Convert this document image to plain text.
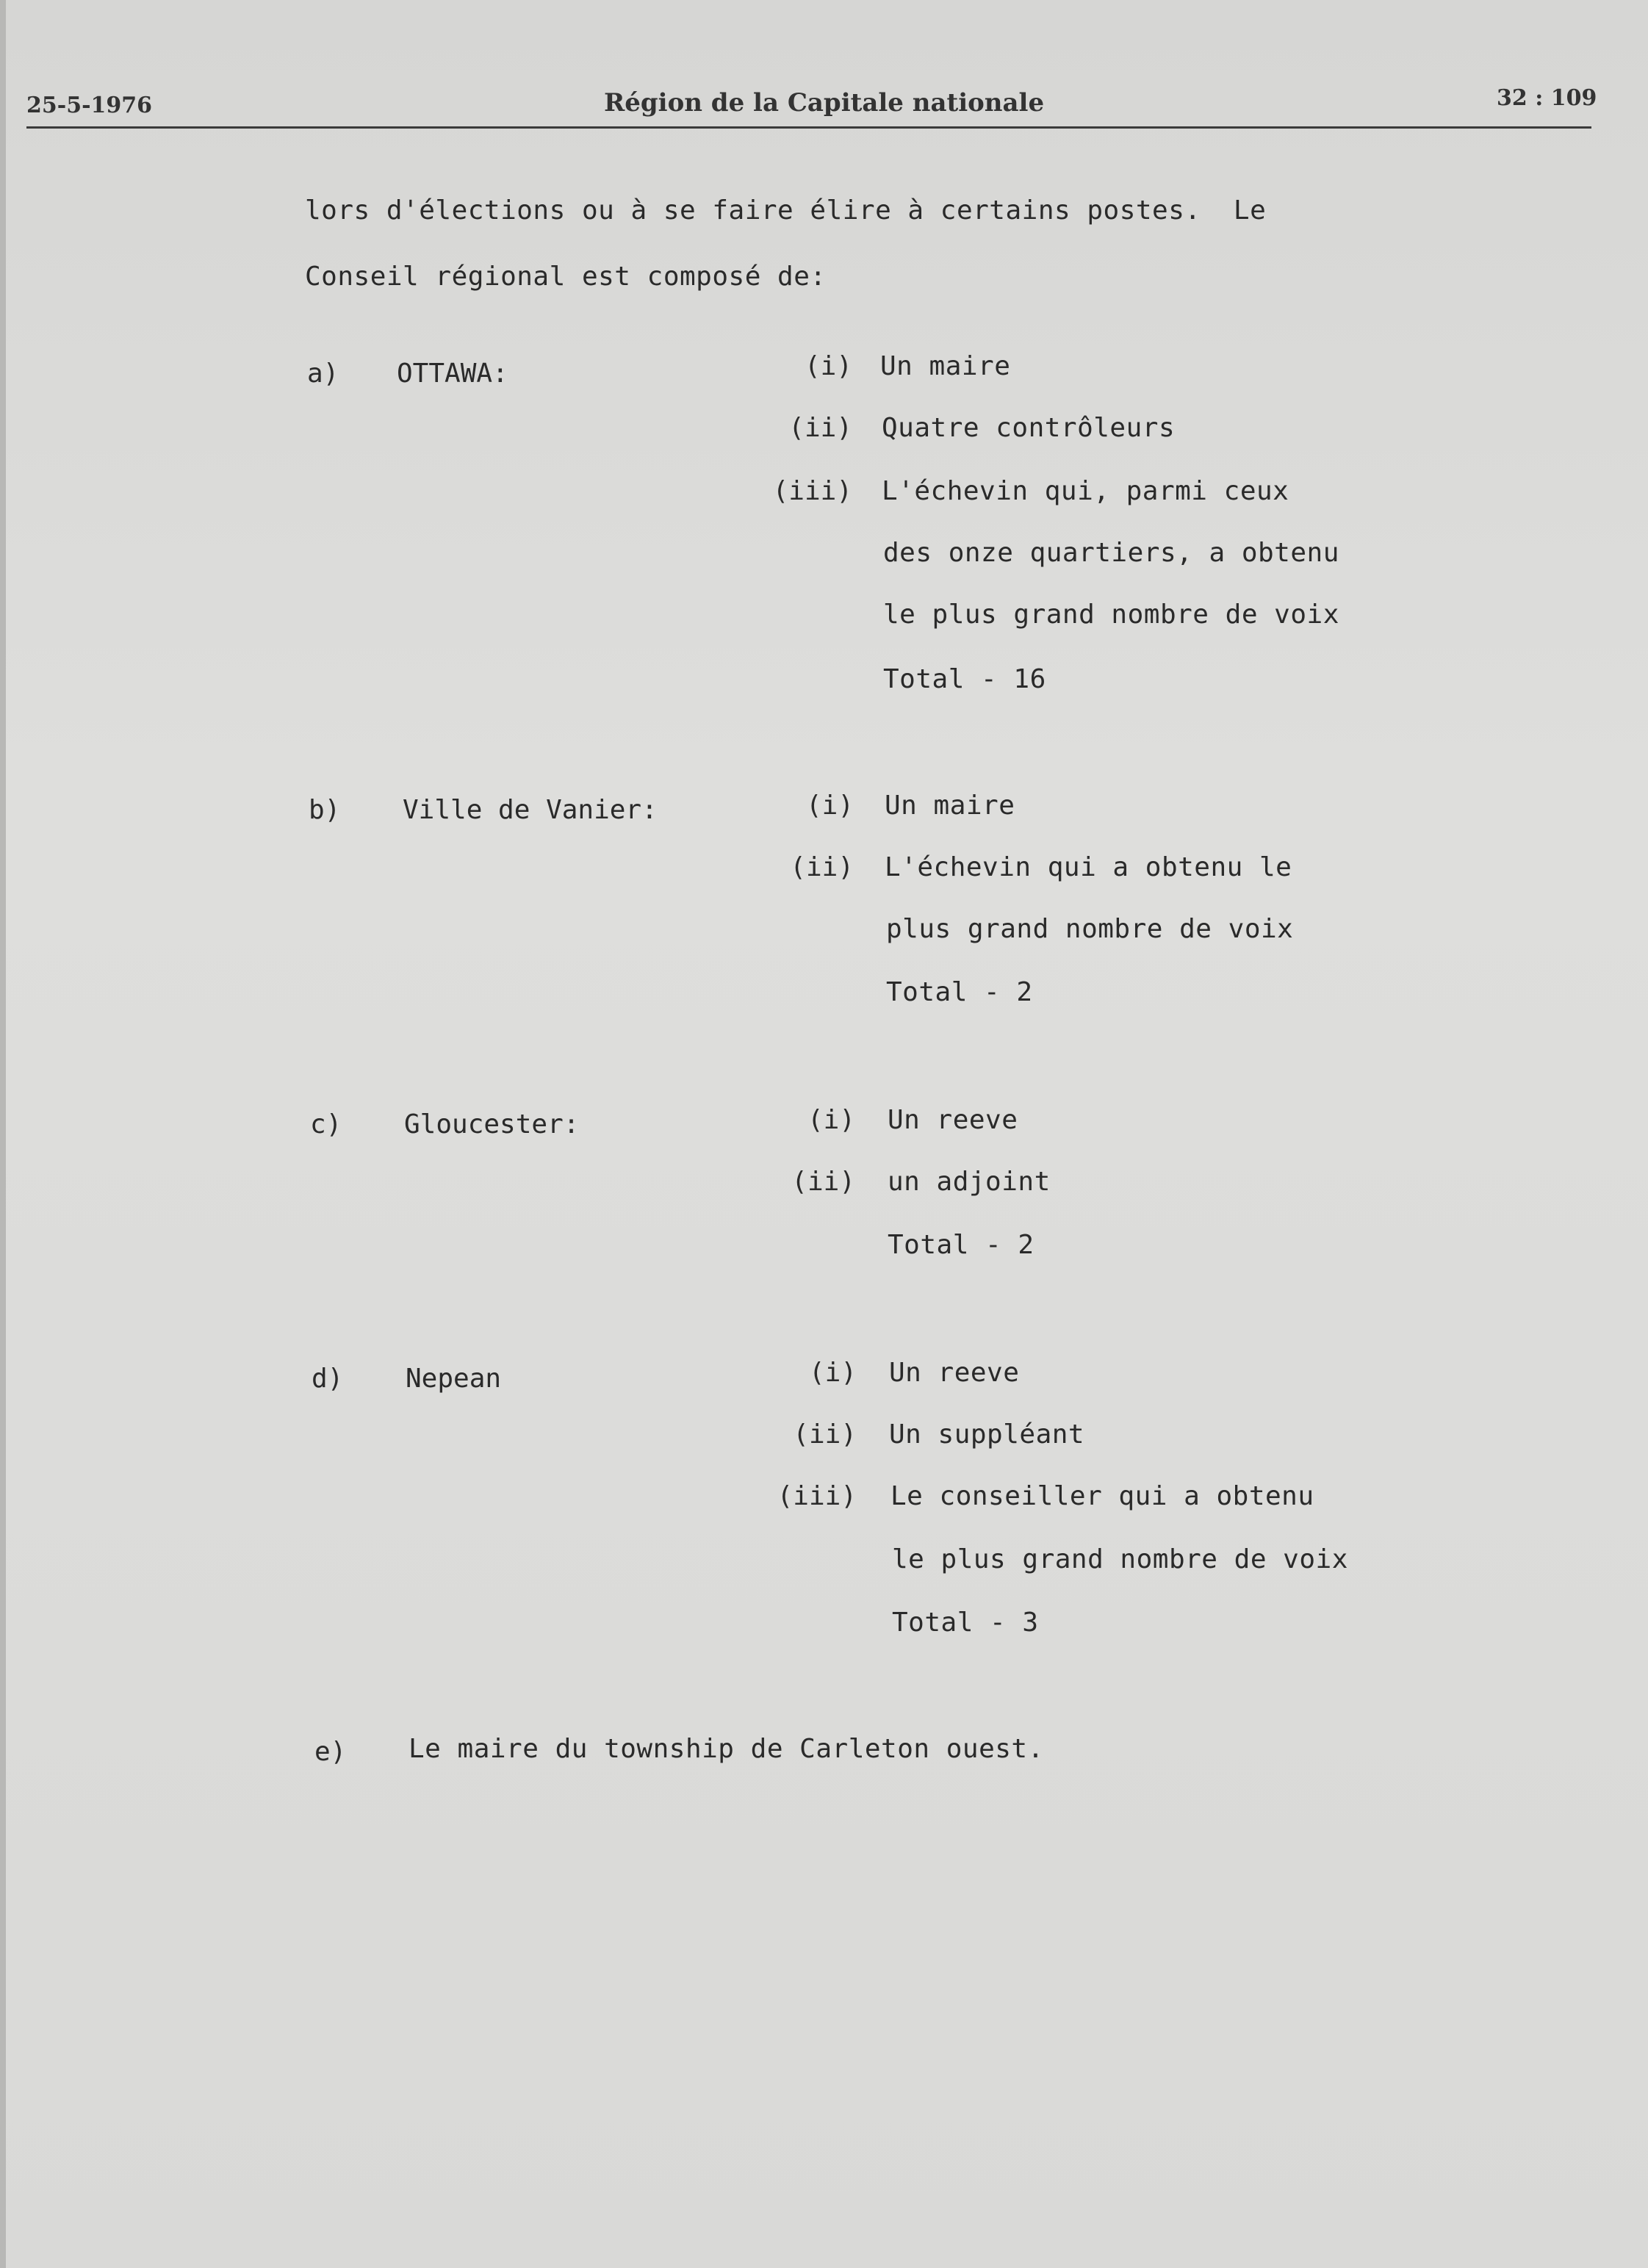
25-5-1976	Région de la Capitale nationale	32 : 109
lors d'élections ou à se faire élire à certains postes.  Le
Conseil régional est composé de:
a) OTTAWA:	(i) Un maire
(ii) Quatre contrôleurs
(iii) L'échevin qui, parmi ceux
des onze quartiers, a obtenu
le plus grand nombre de voix
Total - 16
b) Ville de Vanier:	(i) Un maire
(ii) L'échevin qui a obtenu le
plus grand nombre de voix
Total - 2
c) Gloucester:	(i) Un reeve
(ii) un adjoint
Total - 2
d) Nepean	(i) Un reeve
(ii) Un suppléant
(iii) Le conseiller qui a obtenu
le plus grand nombre de voix
Total - 3
e) Le maire du township de Carleton ouest.
